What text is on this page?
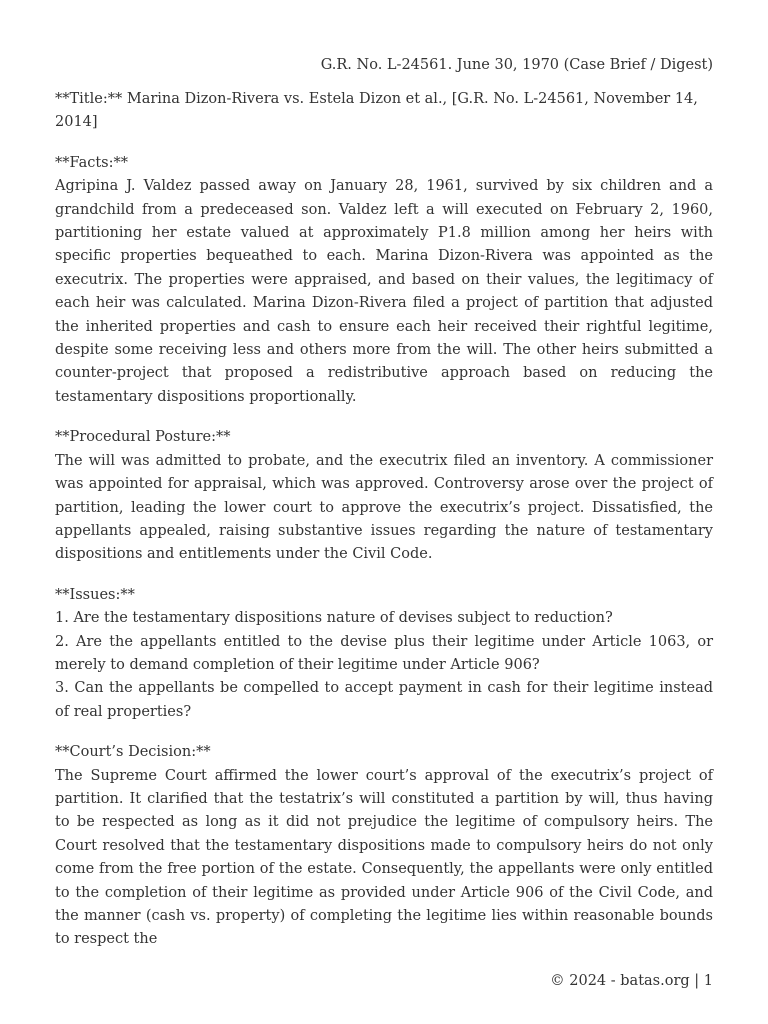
G.R. No. L-24561. June 30, 1970 (Case Brief / Digest)

**Title:** Marina Dizon-Rivera vs. Estela Dizon et al., [G.R. No. L-24561, November 14, 2014]

**Facts:**

Agripina J. Valdez passed away on January 28, 1961, survived by six children and a grandchild from a predeceased son. Valdez left a will executed on February 2, 1960, partitioning her estate valued at approximately P1.8 million among her heirs with specific properties bequeathed to each. Marina Dizon-Rivera was appointed as the executrix. The properties were appraised, and based on their values, the legitimacy of each heir was calculated. Marina Dizon-Rivera filed a project of partition that adjusted the inherited properties and cash to ensure each heir received their rightful legitime, despite some receiving less and others more from the will. The other heirs submitted a counter-project that proposed a redistributive approach based on reducing the testamentary dispositions proportionally.

**Procedural Posture:**

The will was admitted to probate, and the executrix filed an inventory. A commissioner was appointed for appraisal, which was approved. Controversy arose over the project of partition, leading the lower court to approve the executrix’s project. Dissatisfied, the appellants appealed, raising substantive issues regarding the nature of testamentary dispositions and entitlements under the Civil Code.

**Issues:**

1. Are the testamentary dispositions nature of devises subject to reduction?

2. Are the appellants entitled to the devise plus their legitime under Article 1063, or merely to demand completion of their legitime under Article 906?

3. Can the appellants be compelled to accept payment in cash for their legitime instead of real properties?

**Court’s Decision:**

The Supreme Court affirmed the lower court’s approval of the executrix’s project of partition. It clarified that the testatrix’s will constituted a partition by will, thus having to be respected as long as it did not prejudice the legitime of compulsory heirs. The Court resolved that the testamentary dispositions made to compulsory heirs do not only come from the free portion of the estate. Consequently, the appellants were only entitled to the completion of their legitime as provided under Article 906 of the Civil Code, and the manner (cash vs. property) of completing the legitime lies within reasonable bounds to respect the

© 2024 - batas.org | 1
